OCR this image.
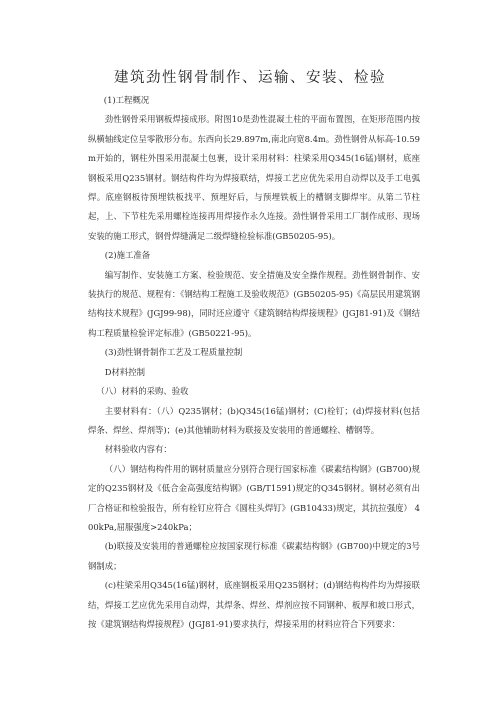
建筑劲性钢骨制作、运输、安装、检验

(1)工程概况

劲性钢骨采用钢板焊接成形。附图10是劲性混凝土柱的平面布置图，在矩形范围内按纵横轴线定位呈零散形分布。东西向长29.897m,南北向宽8.4m。劲性钢骨从标高-10.59m开始的，钢柱外围采用混凝土包裹，设计采用材料：柱梁采用Q345(16锰)钢材，底座钢板采用Q235钢材。钢结构件均为焊接联结，焊接工艺应优先采用自动焊以及手工电弧焊。底座钢板待预埋铁板找平、预埋好后，与预埋铁板上的槽钢支脚焊牢。从第二节柱起，上、下节柱先采用螺栓连接再用焊接作永久连接。劲性钢骨采用工厂制作成形、现场安装的施工形式，钢骨焊缝满足二级焊缝检验标准(GB50205-95)。

(2)施工准备

编写制作、安装施工方案、检验规范、安全措施及安全操作规程。劲性钢骨制作、安装执行的规范、规程有：《钢结构工程施工及验收规范》(GB50205-95)《高层民用建筑钢结构技术规程》(JGJ99-98)，同时还应遵守《建筑钢结构焊接规程》(JGJ81-91)及《钢结构工程质量检验评定标准》(GB50221-95)。

(3)劲性钢骨制作工艺及工程质量控制

D材料控制

（八）材料的采购、验收

主要材料有：（八）Q235钢材；(b)Q345(16锰)钢材；(C)栓钉；(d)焊接材料(包括焊条、焊丝、焊剂等)；(e)其他辅助材料为联接及安装用的普通螺栓、槽钢等。

材料验收内容有：

（八）钢结构构件用的钢材质量应分别符合现行国家标准《碳素结构钢》(GB700)规定的Q235钢材及《低合金高强度结构钢》(GB/T1591)规定的Q345钢材。钢材必须有出厂合格证和检验报告，所有栓钉应符合《圆柱头焊钉》(GB10433)规定，其抗拉强度） 400kPa,屈服强度>240kPa；

(b)联接及安装用的普通螺栓应按国家现行标准《碳素结构钢》(GB700)中规定的3号钢制成；

(c)柱梁采用Q345(16锰)钢材，底座钢板采用Q235钢材；(d)钢结构构件均为焊接联结，焊接工艺应优先采用自动焊，其焊条、焊丝、焊剂应按不同钢种、板厚和坡口形式，按《建筑钢结构焊接规程》(JGJ81-91)要求执行，焊接采用的材料应符合下列要求：
